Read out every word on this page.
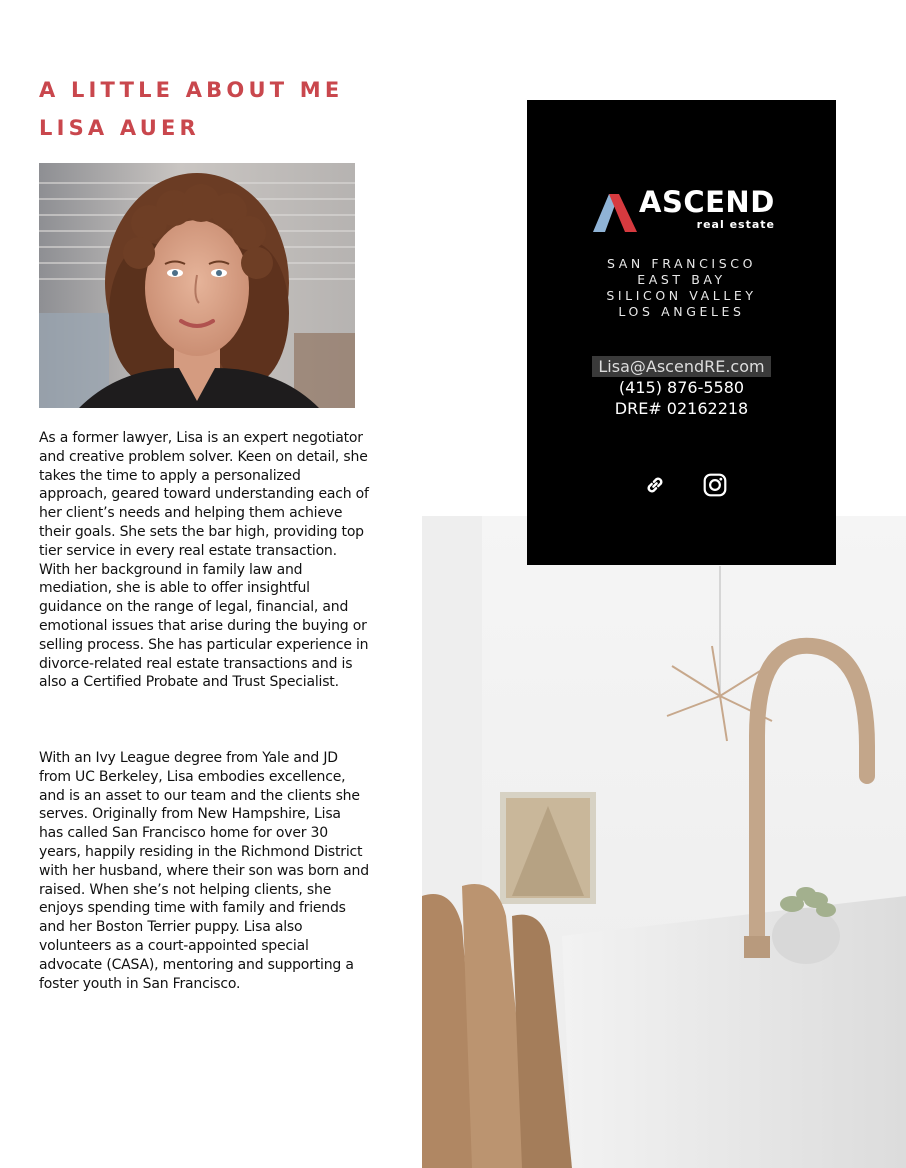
A LITTLE ABOUT ME
LISA AUER

As a former lawyer, Lisa is an expert negotiator and creative problem solver. Keen on detail, she takes the time to apply a personalized approach, geared toward understanding each of her client’s needs and helping them achieve their goals. She sets the bar high, providing top tier service in every real estate transaction. With her background in family law and mediation, she is able to offer insightful guidance on the range of legal, financial, and emotional issues that arise during the buying or selling process. She has particular experience in divorce-related real estate transactions and is also a Certified Probate and Trust Specialist.

With an Ivy League degree from Yale and JD from UC Berkeley, Lisa embodies excellence, and is an asset to our team and the clients she serves. Originally from New Hampshire, Lisa has called San Francisco home for over 30 years, happily residing in the Richmond District with her husband, where their son was born and raised. When she’s not helping clients, she enjoys spending time with family and friends and her Boston Terrier puppy. Lisa also volunteers as a court-appointed special advocate (CASA), mentoring and supporting a foster youth in San Francisco.

ASCEND
real estate
SAN FRANCISCO
EAST BAY
SILICON VALLEY
LOS ANGELES
Lisa@AscendRE.com
(415) 876-5580
DRE# 02162218
